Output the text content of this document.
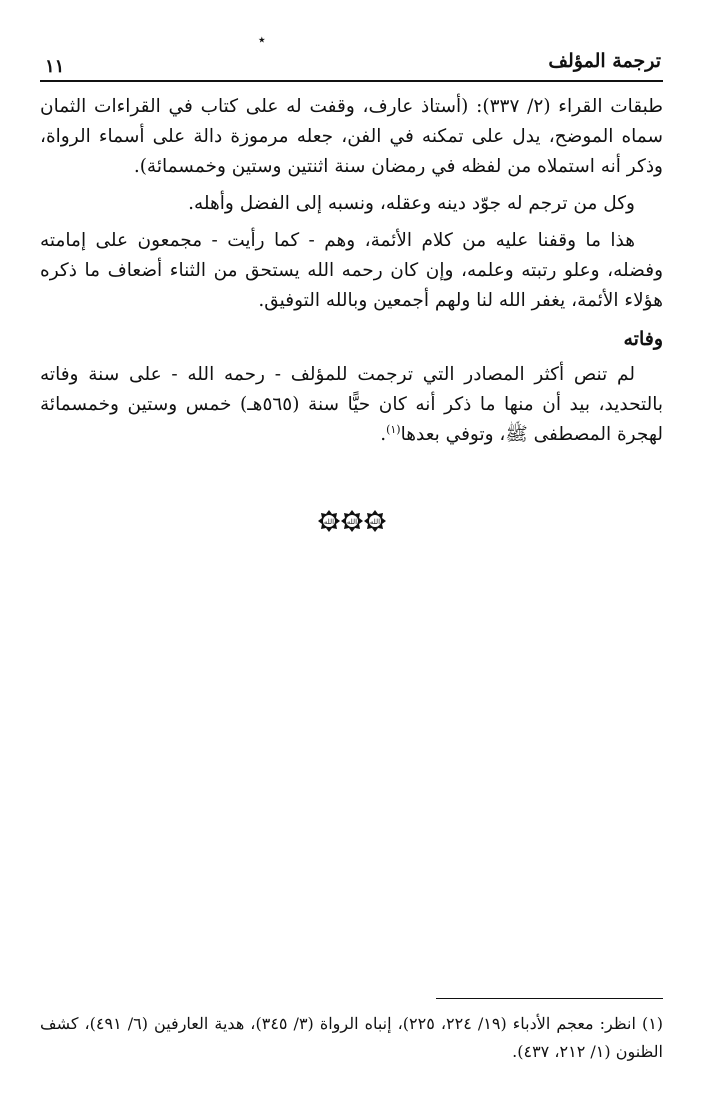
٭
ترجمة المؤلف
١١

طبقات القراء (٢/ ٣٣٧): (أستاذ عارف، وقفت له على كتاب في القراءات الثمان سماه الموضح، يدل على تمكنه في الفن، جعله مرموزة دالة على أسماء الرواة، وذكر أنه استملاه من لفظه في رمضان سنة اثنتين وستين وخمسمائة).

وكل من ترجم له جوّد دينه وعقله، ونسبه إلى الفضل وأهله.

هذا ما وقفنا عليه من كلام الأئمة، وهم - كما رأيت - مجمعون على إمامته وفضله، وعلو رتبته وعلمه، وإن كان رحمه الله يستحق من الثناء أضعاف ما ذكره هؤلاء الأئمة، يغفر الله لنا ولهم أجمعين وبالله التوفيق.

وفاته

لم تنص أكثر المصادر التي ترجمت للمؤلف - رحمه الله - على سنة وفاته بالتحديد، بيد أن منها ما ذكر أنه كان حيًّا سنة (٥٦٥هـ) خمس وستين وخمسمائة لهجرة المصطفى ﷺ، وتوفي بعدها$^{(١)}$.

الله الله الله
(١) انظر: معجم الأدباء (١٩/ ٢٢٤، ٢٢٥)، إنباه الرواة (٣/ ٣٤٥)، هدية العارفين (٦/ ٤٩١)، كشف الظنون (١/ ٢١٢، ٤٣٧).
